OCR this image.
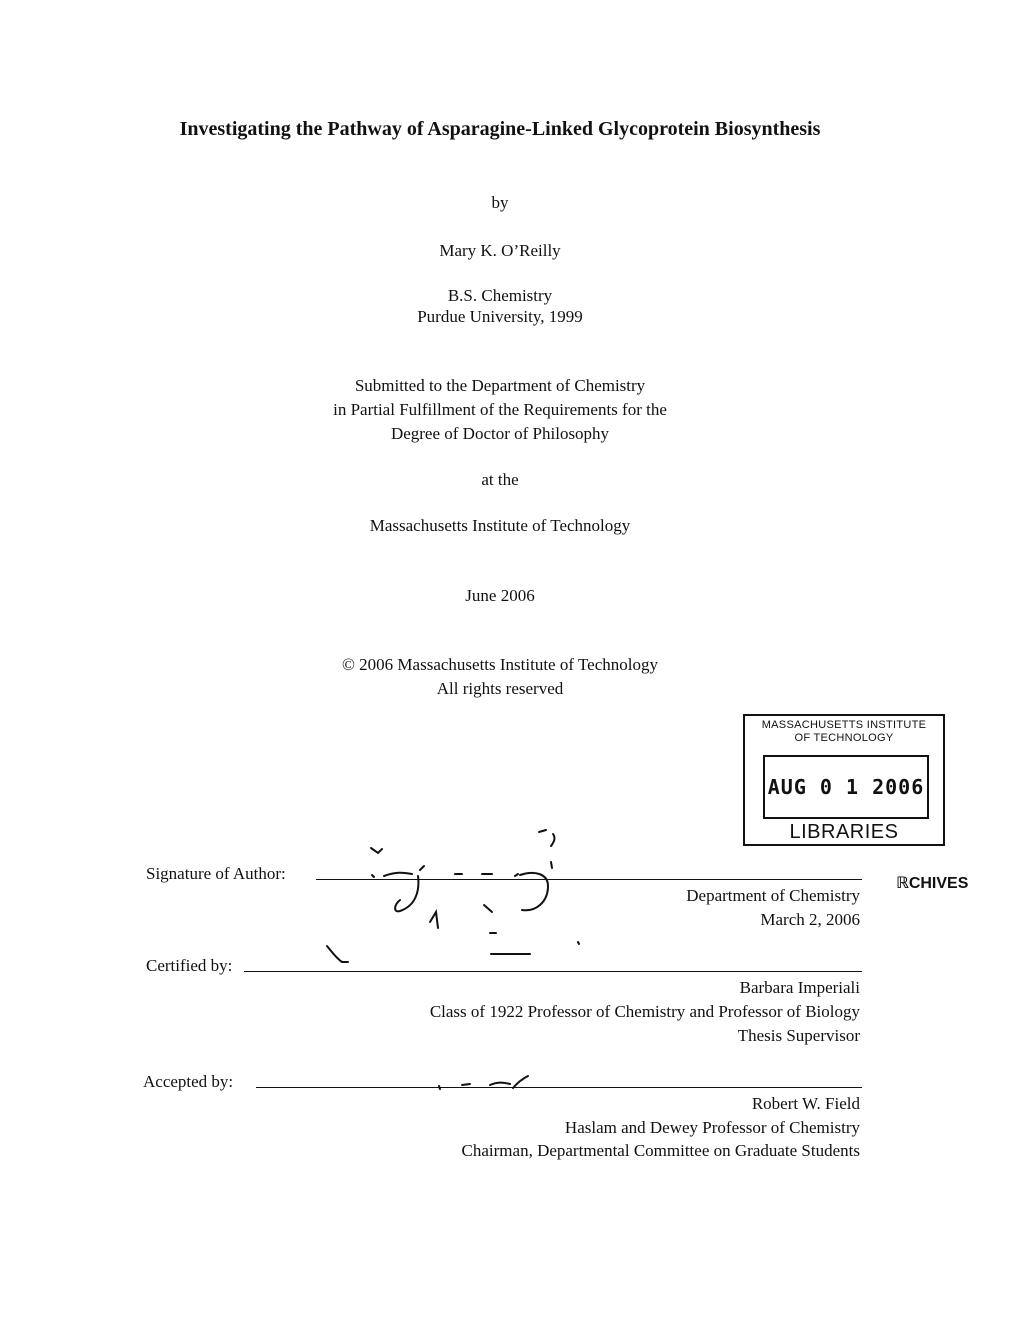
Investigating the Pathway of Asparagine-Linked Glycoprotein Biosynthesis
by
Mary K. O’Reilly
B.S. Chemistry
Purdue University, 1999
Submitted to the Department of Chemistry
in Partial Fulfillment of the Requirements for the
Degree of Doctor of Philosophy
at the
Massachusetts Institute of Technology
June 2006
© 2006 Massachusetts Institute of Technology
All rights reserved
MASSACHUSETTS INSTITUTE
OF TECHNOLOGY
AUG 0 1 2006
LIBRARIES
ℝCHIVES
Signature of Author:
Department of Chemistry
March 2, 2006
Certified by:
Barbara Imperiali
Class of 1922 Professor of Chemistry and Professor of Biology
Thesis Supervisor
Accepted by:
Robert W. Field
Haslam and Dewey Professor of Chemistry
Chairman, Departmental Committee on Graduate Students
